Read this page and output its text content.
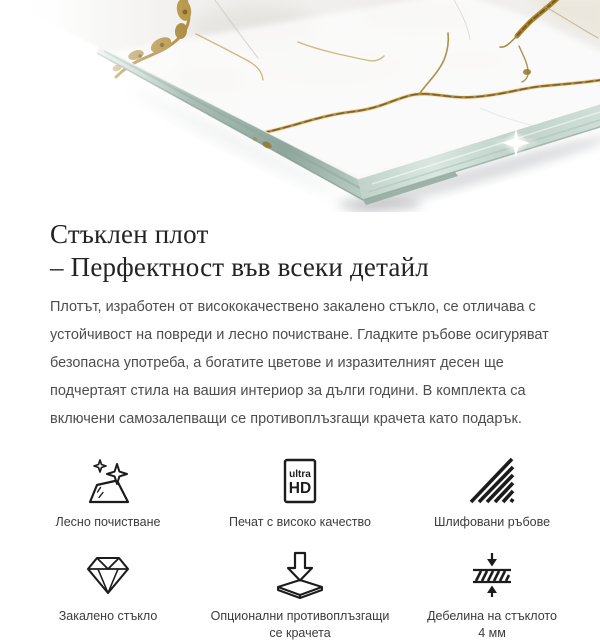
Стъклен плот
– Перфектност във всеки детайл

Плотът, изработен от висококачествено закалено стъкло, се отличава с устойчивост на повреди и лесно почистване. Гладките ръбове осигуряват безопасна употреба, а богатите цветове и изразителният десен ще подчертаят стила на вашия интериор за дълги години. В комплекта са включени самозалепващи се противоплъзгащи крачета като подарък.

Лесно почистване
ultra
HD
Печат с високо качество	Шлифовани ръбове
Закалено стъкло	Опционални противоплъзгащи
се крачета
Дебелина на стъклото
4 мм
